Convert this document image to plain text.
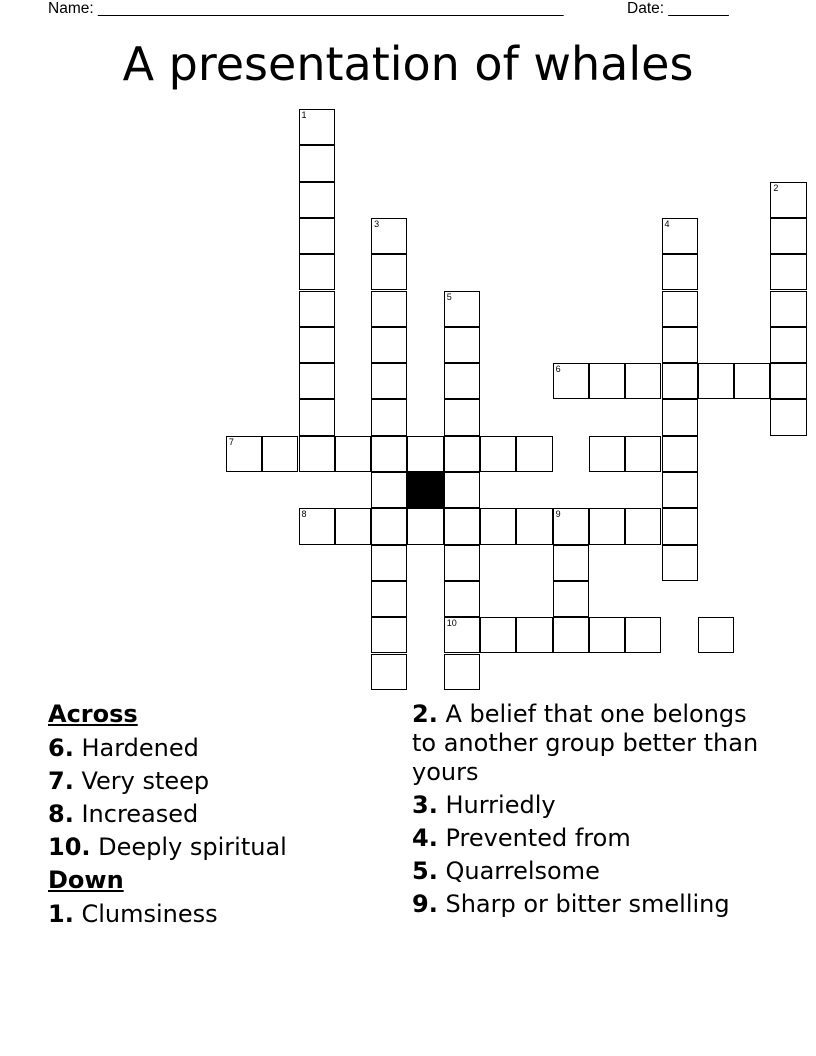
Name: ______________________________________________________	Date: _______
A presentation of whales
1
8
3
5
10
4
2
6
7
9

Across

6. Hardened

7. Very steep

8. Increased

10. Deeply spiritual

Down

1. Clumsiness

2. A belief that one belongs to another group better than yours

3. Hurriedly

4. Prevented from

5. Quarrelsome

9. Sharp or bitter smelling
